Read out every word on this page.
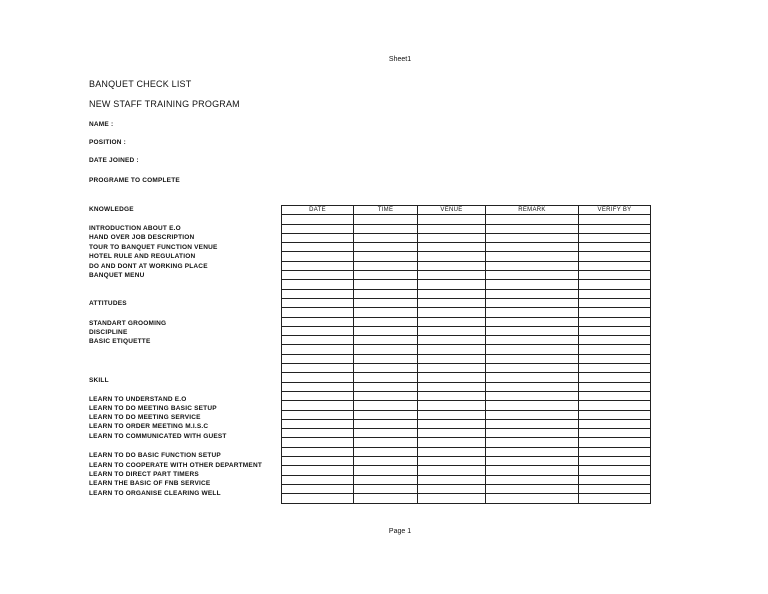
Sheet1
BANQUET CHECK LIST
NEW STAFF TRAINING PROGRAM
NAME :
POSITION :
DATE JOINED :
PROGRAME TO COMPLETE
KNOWLEDGE
INTRODUCTION ABOUT E.O
HAND OVER JOB DESCRIPTION
TOUR TO BANQUET FUNCTION VENUE
HOTEL RULE AND REGULATION
DO AND DONT AT WORKING PLACE
BANQUET MENU
ATTITUDES
STANDART GROOMING
DISCIPLINE
BASIC ETIQUETTE
SKILL
LEARN TO UNDERSTAND E.O
LEARN TO DO MEETING BASIC SETUP
LEARN TO DO MEETING SERVICE
LEARN TO ORDER MEETING M.I.S.C
LEARN TO COMMUNICATED WITH GUEST
LEARN TO DO BASIC FUNCTION SETUP
LEARN TO COOPERATE WITH OTHER DEPARTMENT
LEARN TO DIRECT PART TIMERS
LEARN THE BASIC OF FNB SERVICE
LEARN TO ORGANISE CLEARING WELL
DATE	TIME	VENUE	REMARK	VERIFY BY

Page 1
